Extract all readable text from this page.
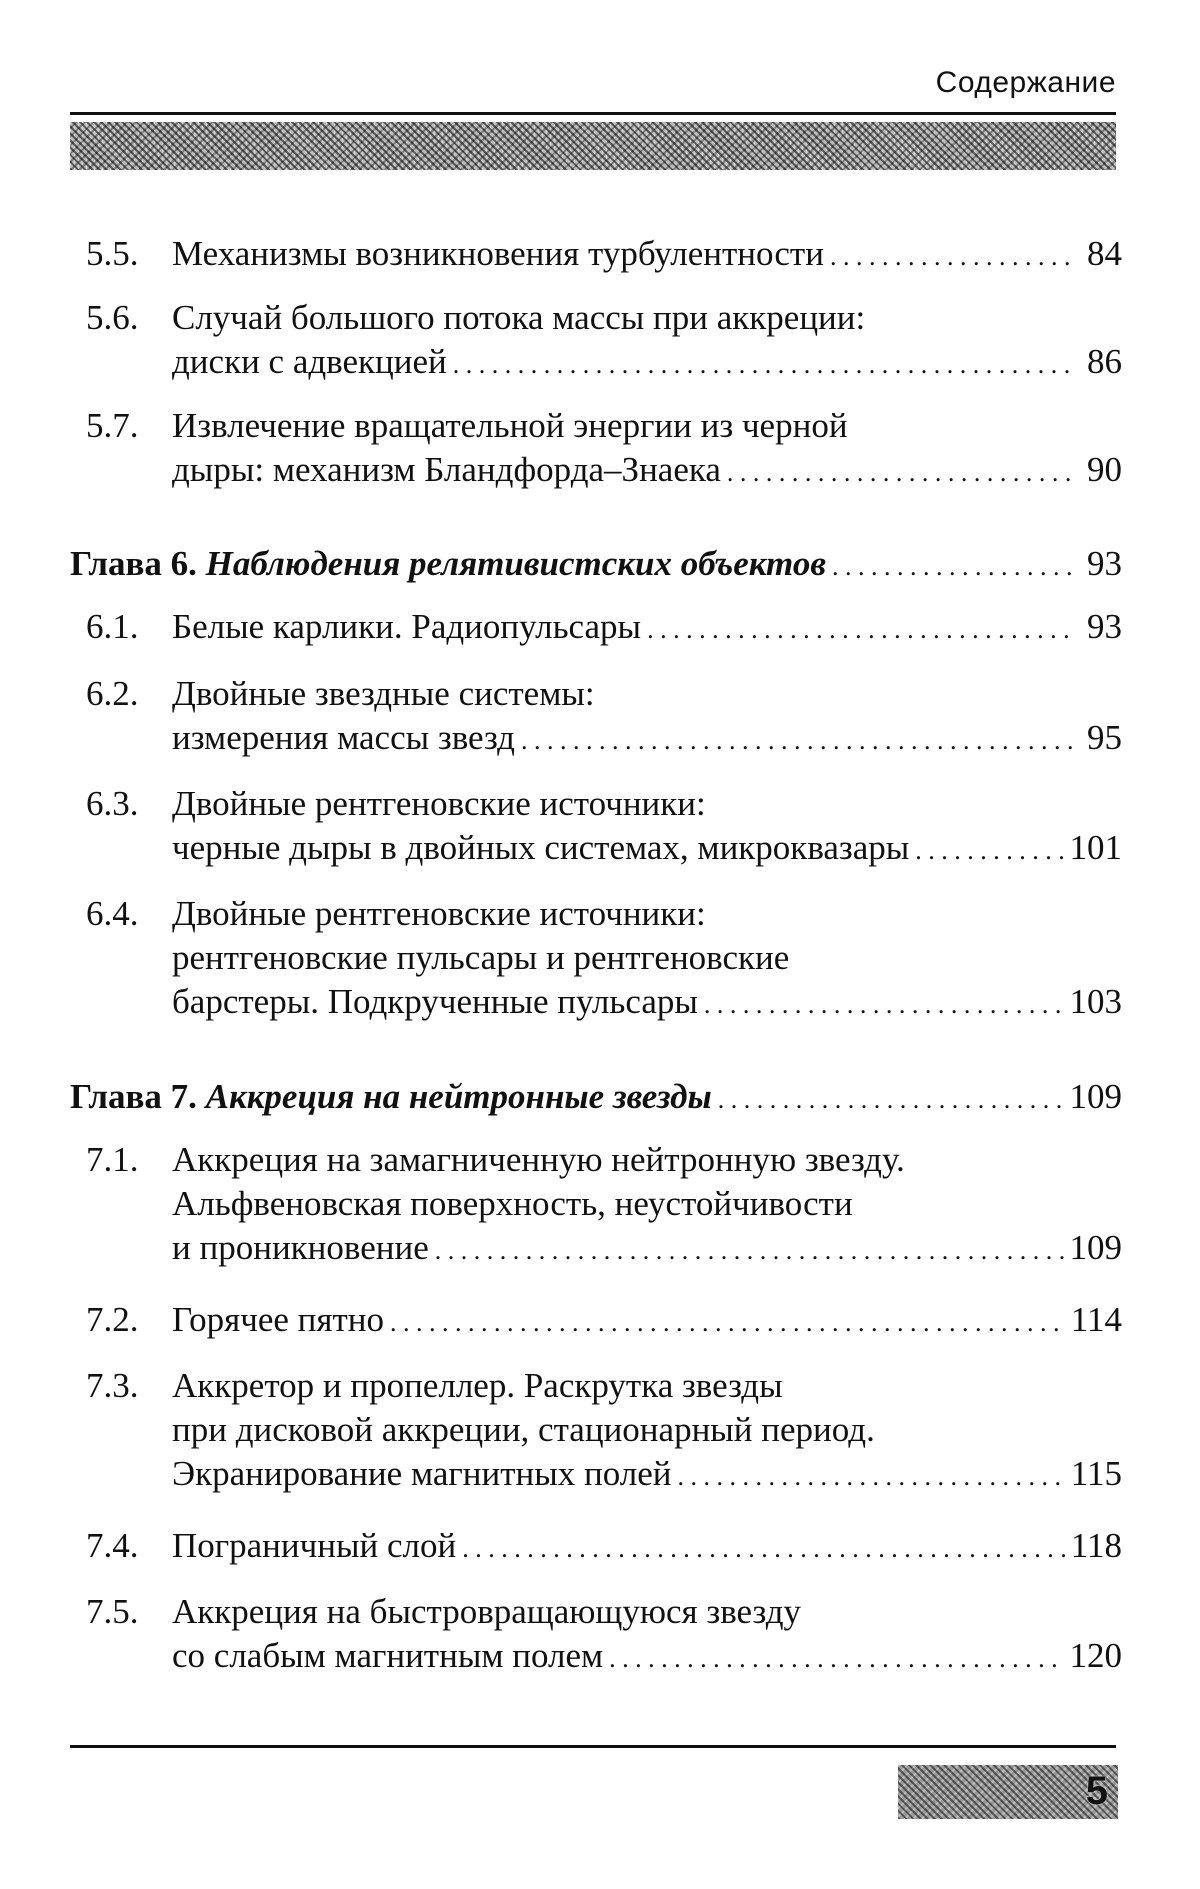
Содержание
5.5. Механизмы возникновения турбулентности . . .	84
5.6. Случай большого потока массы при аккреции:
диски с адвекцией . . .	86
5.7. Извлечение вращательной энергии из черной
дыры: механизм Бландфорда–Знаека . . .	90
Глава 6. Наблюдения релятивистских объектов . . .	93
6.1. Белые карлики. Радиопульсары . . .	93
6.2. Двойные звездные системы:
измерения массы звезд . . .	95
6.3. Двойные рентгеновские источники:
черные дыры в двойных системах, микроквазары . . .	101
6.4. Двойные рентгеновские источники:
рентгеновские пульсары и рентгеновские
барстеры. Подкрученные пульсары . . .	103
Глава 7. Аккреция на нейтронные звезды . . .	109
7.1. Аккреция на замагниченную нейтронную звезду.
Альфвеновская поверхность, неустойчивости
и проникновение . . .	109
7.2. Горячее пятно . . .	114
7.3. Аккретор и пропеллер. Раскрутка звезды
при дисковой аккреции, стационарный период.
Экранирование магнитных полей . . .	115
7.4. Пограничный слой . . .	118
7.5. Аккреция на быстровращающуюся звезду
со слабым магнитным полем . . .	120
5
